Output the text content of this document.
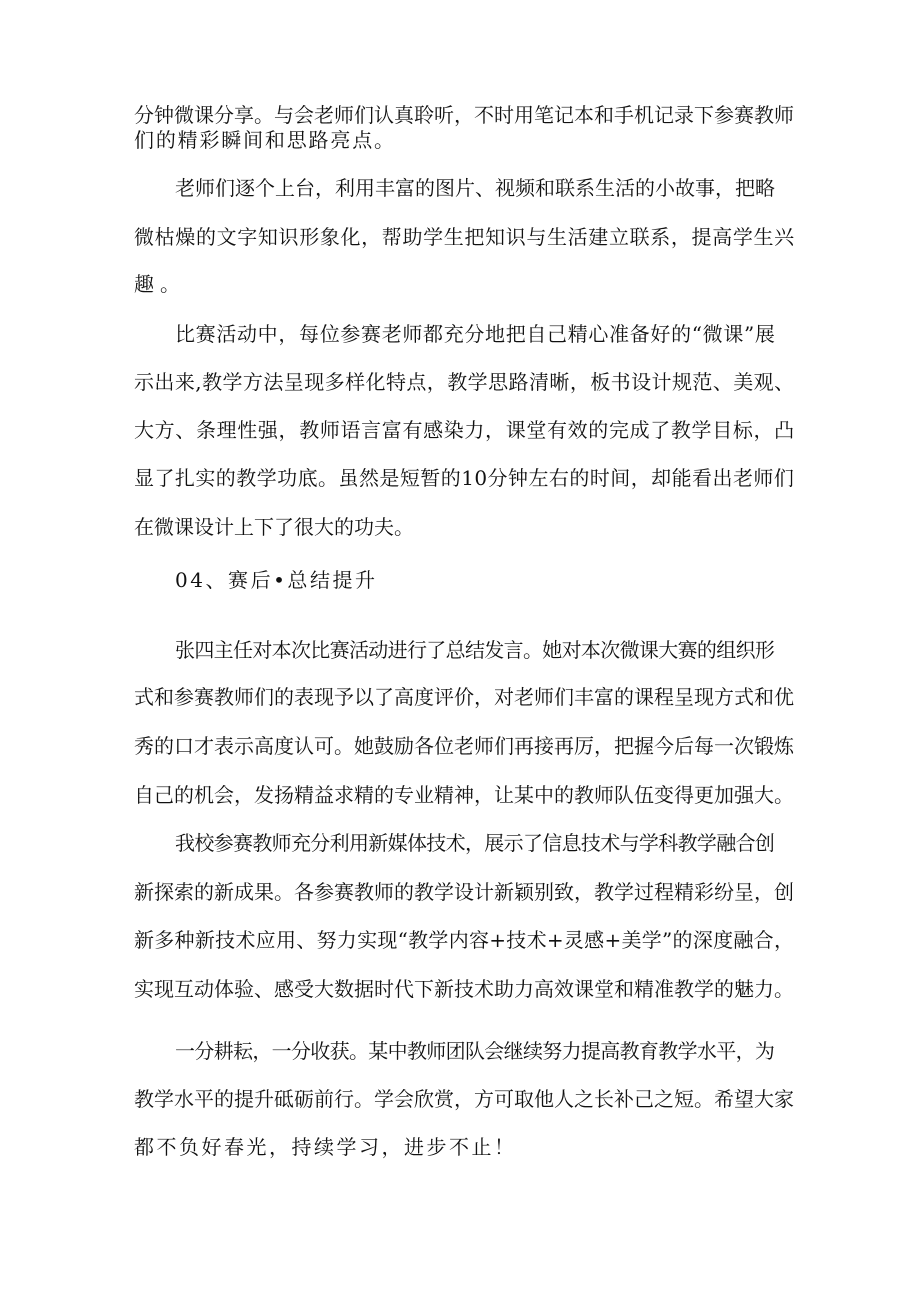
分钟微课分享。与会老师们认真聆听，不时用笔记本和手机记录下参赛教师
们的精彩瞬间和思路亮点。
老师们逐个上台，利用丰富的图片、视频和联系生活的小故事，把略
微枯燥的文字知识形象化，帮助学生把知识与生活建立联系，提高学生兴
趣。
比赛活动中，每位参赛老师都充分地把自己精心准备好的“微课”展
示出来,教学方法呈现多样化特点，教学思路清晰，板书设计规范、美观、
大方、条理性强，教师语言富有感染力，课堂有效的完成了教学目标，凸
显了扎实的教学功底。虽然是短暂的10分钟左右的时间，却能看出老师们
在微课设计上下了很大的功夫。
04、赛后•总结提升
张四主任对本次比赛活动进行了总结发言。她对本次微课大赛的组织形
式和参赛教师们的表现予以了高度评价，对老师们丰富的课程呈现方式和优
秀的口才表示高度认可。她鼓励各位老师们再接再厉，把握今后每一次锻炼
自己的机会，发扬精益求精的专业精神，让某中的教师队伍变得更加强大。
我校参赛教师充分利用新媒体技术，展示了信息技术与学科教学融合创
新探索的新成果。各参赛教师的教学设计新颖别致，教学过程精彩纷呈，创
新多种新技术应用、努力实现“教学内容+技术+灵感+美学”的深度融合，
实现互动体验、感受大数据时代下新技术助力高效课堂和精准教学的魅力。
一分耕耘，一分收获。某中教师团队会继续努力提高教育教学水平，为
教学水平的提升砥砺前行。学会欣赏，方可取他人之长补己之短。希望大家
都不负好春光，持续学习，进步不止！
